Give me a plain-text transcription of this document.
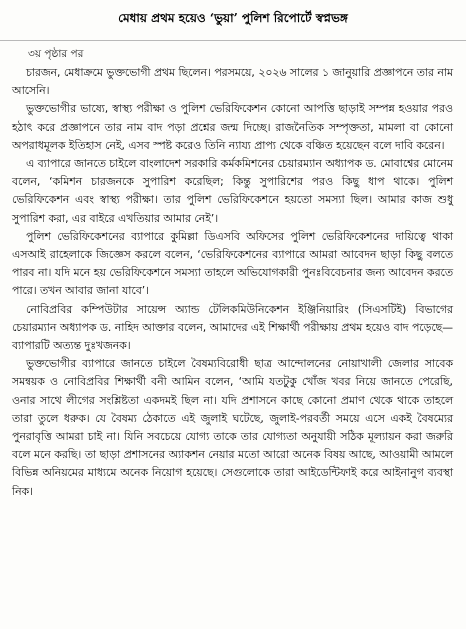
মেধায় প্রথম হয়েও ‘ভুয়া’ পুলিশ রিপোর্টে স্বপ্নভঙ্গ
৩য় পৃষ্ঠার পর

চারজন, মেধাক্রমে ভুক্তভোগী প্রথম ছিলেন। পরসময়ে, ২০২৬ সালের ১ জানুয়ারি প্রজ্ঞাপনে তার নাম আসেনি।

ভুক্তভোগীর ভাষ্যে, স্বাস্থ্য পরীক্ষা ও পুলিশ ভেরিফিকেশন কোনো আপত্তি ছাড়াই সম্পন্ন হওয়ার পরও হঠাৎ করে প্রজ্ঞাপনে তার নাম বাদ পড়া প্রশ্নের জন্ম দিচ্ছে। রাজনৈতিক সম্পৃক্ততা, মামলা বা কোনো অপরাধমূলক ইতিহাস নেই, এসব স্পষ্ট করেও তিনি ন্যায্য প্রাপ্য থেকে বঞ্চিত হয়েছেন বলে দাবি করেন।

এ ব্যাপারে জানতে চাইলে বাংলাদেশ সরকারি কর্মকমিশনের চেয়ারম্যান অধ্যাপক ড. মোবাশ্বের মোনেম বলেন, ‘কমিশন চারজনকে সুপারিশ করেছিল; কিন্তু সুপারিশের পরও কিছু ধাপ থাকে। পুলিশ ভেরিফিকেশন এবং স্বাস্থ্য পরীক্ষা। তার পুলিশ ভেরিফিকেশনে হয়তো সমস্যা ছিল। আমার কাজ শুধু সুপারিশ করা, এর বাইরে এখতিয়ার আমার নেই’।

পুলিশ ভেরিফিকেশনের ব্যাপারে কুমিল্লা ডিএসবি অফিসের পুলিশ ভেরিফিকেশনের দায়িত্বে থাকা এসআই রাহেলাকে জিজ্ঞেস করলে বলেন, ‘ভেরিফিকেশনের ব্যাপারে আমরা আবেদন ছাড়া কিছু বলতে পারব না। যদি মনে হয় ভেরিফিকেশনে সমস্যা তাহলে অভিযোগকারী পুনঃবিবেচনার জন্য আবেদন করতে পারে। তখন আবার জানা যাবে’।

নোবিপ্রবির কম্পিউটার সায়েন্স অ্যান্ড টেলিকমিউনিকেশন ইঞ্জিনিয়ারিং (সিএসটিই) বিভাগের চেয়ারম্যান অধ্যাপক ড. নাহিদ আক্তার বলেন, আমাদের এই শিক্ষার্থী পরীক্ষায় প্রথম হয়েও বাদ পড়েছে—ব্যাপারটি অত্যন্ত দুঃখজনক।

ভুক্তভোগীর ব্যাপারে জানতে চাইলে বৈষম্যবিরোধী ছাত্র আন্দোলনের নোয়াখালী জেলার সাবেক সমন্বয়ক ও নোবিপ্রবির শিক্ষার্থী বনী আমিন বলেন, ‘আমি যতটুকু খোঁজ খবর নিয়ে জানতে পেরেছি, ওনার সাথে লীগের সংশ্লিষ্টতা একদমই ছিল না। যদি প্রশাসনে কাছে কোনো প্রমাণ থেকে থাকে তাহলে তারা তুলে ধরুক। যে বৈষম্য ঠেকাতে এই জুলাই ঘটেছে, জুলাই-পরবর্তী সময়ে এসে একই বৈষম্যের পুনরাবৃত্তি আমরা চাই না। যিনি সবচেয়ে যোগ্য তাকে তার যোগ্যতা অনুযায়ী সঠিক মূল্যায়ন করা জরুরি বলে মনে করছি। তা ছাড়া প্রশাসনের অ্যাকশন নেয়ার মতো আরো অনেক বিষয় আছে, আওয়ামী আমলে বিভিন্ন অনিয়মের মাধ্যমে অনেক নিয়োগ হয়েছে। সেগুলোকে তারা আইডেন্টিফাই করে আইনানুগ ব্যবস্থা নিক।
